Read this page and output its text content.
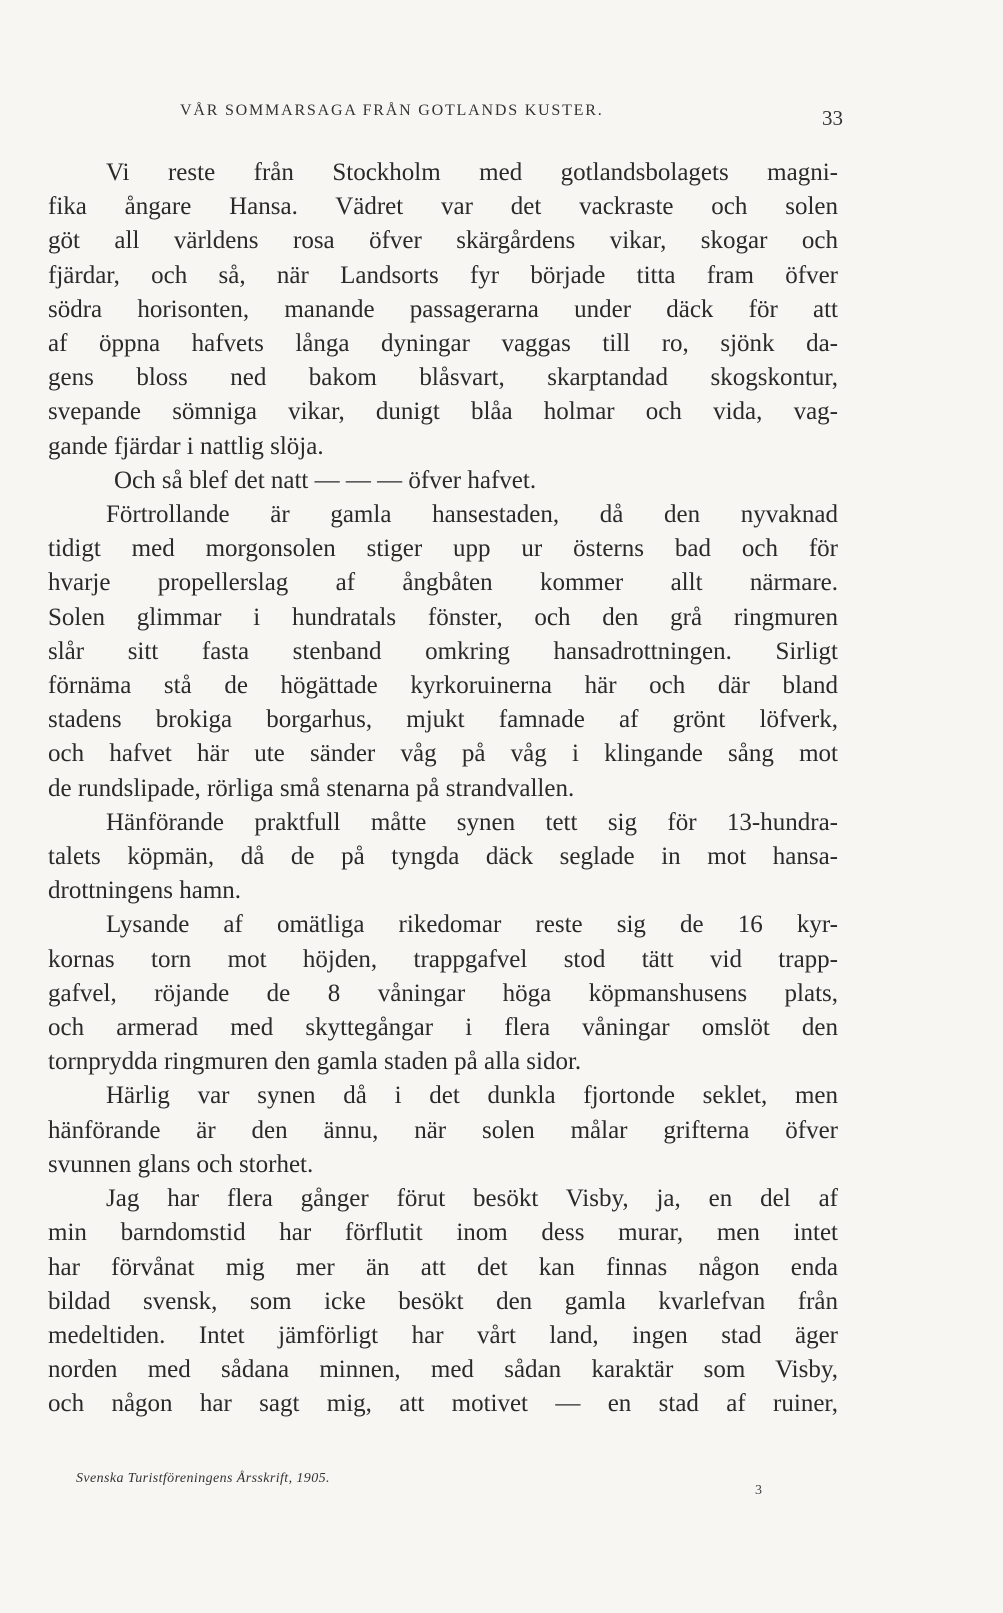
VÅR SOMMARSAGA FRÅN GOTLANDS KUSTER.	33
Vi reste från Stockholm med gotlandsbolagets magni-
fika ångare Hansa. Vädret var det vackraste och solen
göt all världens rosa öfver skärgårdens vikar, skogar och
fjärdar, och så, när Landsorts fyr började titta fram öfver
södra horisonten, manande passagerarna under däck för att
af öppna hafvets långa dyningar vaggas till ro, sjönk da-
gens bloss ned bakom blåsvart, skarptandad skogskontur,
svepande sömniga vikar, dunigt blåa holmar och vida, vag-
gande fjärdar i nattlig slöja.
Och så blef det natt — — — öfver hafvet.
Förtrollande är gamla hansestaden, då den nyvaknad
tidigt med morgonsolen stiger upp ur österns bad och för
hvarje propellerslag af ångbåten kommer allt närmare.
Solen glimmar i hundratals fönster, och den grå ringmuren
slår sitt fasta stenband omkring hansadrottningen. Sirligt
förnäma stå de högättade kyrkoruinerna här och där bland
stadens brokiga borgarhus, mjukt famnade af grönt löfverk,
och hafvet här ute sänder våg på våg i klingande sång mot
de rundslipade, rörliga små stenarna på strandvallen.
Hänförande praktfull måtte synen tett sig för 13-hundra-
talets köpmän, då de på tyngda däck seglade in mot hansa-
drottningens hamn.
Lysande af omätliga rikedomar reste sig de 16 kyr-
kornas torn mot höjden, trappgafvel stod tätt vid trapp-
gafvel, röjande de 8 våningar höga köpmanshusens plats,
och armerad med skyttegångar i flera våningar omslöt den
tornprydda ringmuren den gamla staden på alla sidor.
Härlig var synen då i det dunkla fjortonde seklet, men
hänförande är den ännu, när solen målar grifterna öfver
svunnen glans och storhet.
Jag har flera gånger förut besökt Visby, ja, en del af
min barndomstid har förflutit inom dess murar, men intet
har förvånat mig mer än att det kan finnas någon enda
bildad svensk, som icke besökt den gamla kvarlefvan från
medeltiden. Intet jämförligt har vårt land, ingen stad äger
norden med sådana minnen, med sådan karaktär som Visby,
och någon har sagt mig, att motivet — en stad af ruiner,
Svenska Turistföreningens Årsskrift, 1905.
3
